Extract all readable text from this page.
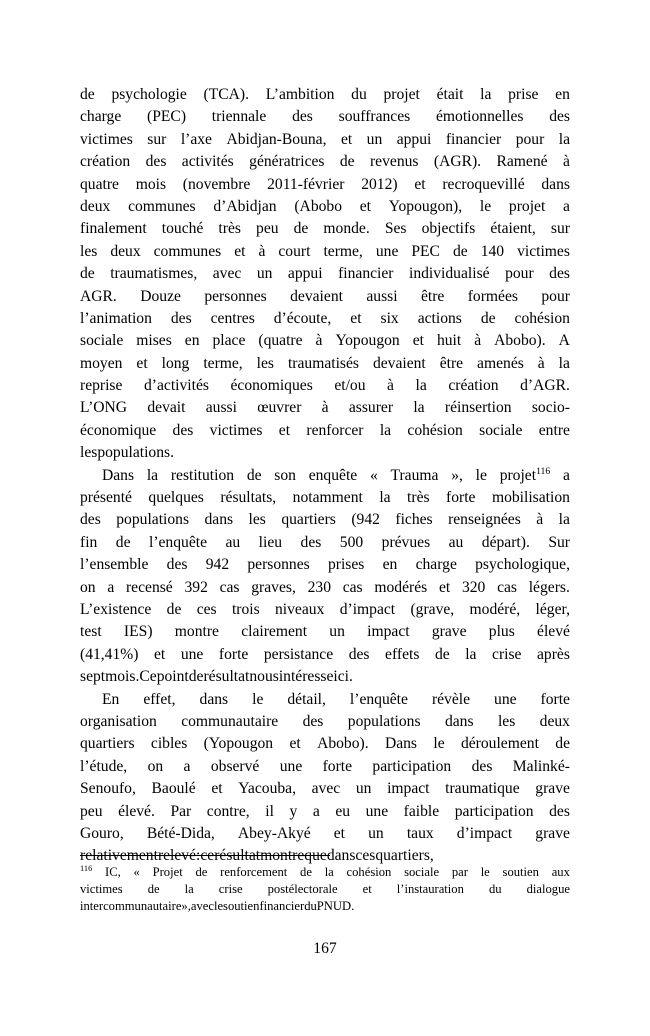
de psychologie (TCA). L’ambition du projet était la prise en
charge (PEC) triennale des souffrances émotionnelles des
victimes sur l’axe Abidjan-Bouna, et un appui financier pour la
création des activités génératrices de revenus (AGR). Ramené à
quatre mois (novembre 2011-février 2012) et recroquevillé dans
deux communes d’Abidjan (Abobo et Yopougon), le projet a
finalement touché très peu de monde. Ses objectifs étaient, sur
les deux communes et à court terme, une PEC de 140 victimes
de traumatismes, avec un appui financier individualisé pour des
AGR. Douze personnes devaient aussi être formées pour
l’animation des centres d’écoute, et six actions de cohésion
sociale mises en place (quatre à Yopougon et huit à Abobo). A
moyen et long terme, les traumatisés devaient être amenés à la
reprise d’activités économiques et/ou à la création d’AGR.
L’ONG devait aussi œuvrer à assurer la réinsertion socio-
économique des victimes et renforcer la cohésion sociale entre
les populations.
Dans la restitution de son enquête « Trauma », le projet$^{116}$ a
présenté quelques résultats, notamment la très forte mobilisation
des populations dans les quartiers (942 fiches renseignées à la
fin de l’enquête au lieu des 500 prévues au départ). Sur
l’ensemble des 942 personnes prises en charge psychologique,
on a recensé 392 cas graves, 230 cas modérés et 320 cas légers.
L’existence de ces trois niveaux d’impact (grave, modéré, léger,
test IES) montre clairement un impact grave plus élevé
(41,41%) et une forte persistance des effets de la crise après
sept mois. Ce point de résultat nous intéresse ici.
En effet, dans le détail, l’enquête révèle une forte
organisation communautaire des populations dans les deux
quartiers cibles (Yopougon et Abobo). Dans le déroulement de
l’étude, on a observé une forte participation des Malinké-
Senoufo, Baoulé et Yacouba, avec un impact traumatique grave
peu élevé. Par contre, il y a eu une faible participation des
Gouro, Bété-Dida, Abey-Akyé et un taux d’impact grave
relativement relevé : ce résultat montre que dans ces quartiers,
$^{116}$ IC, « Projet de renforcement de la cohésion sociale par le soutien aux
victimes de la crise postélectorale et l’instauration du dialogue
intercommunautaire », avec le soutien financier du PNUD.
167
